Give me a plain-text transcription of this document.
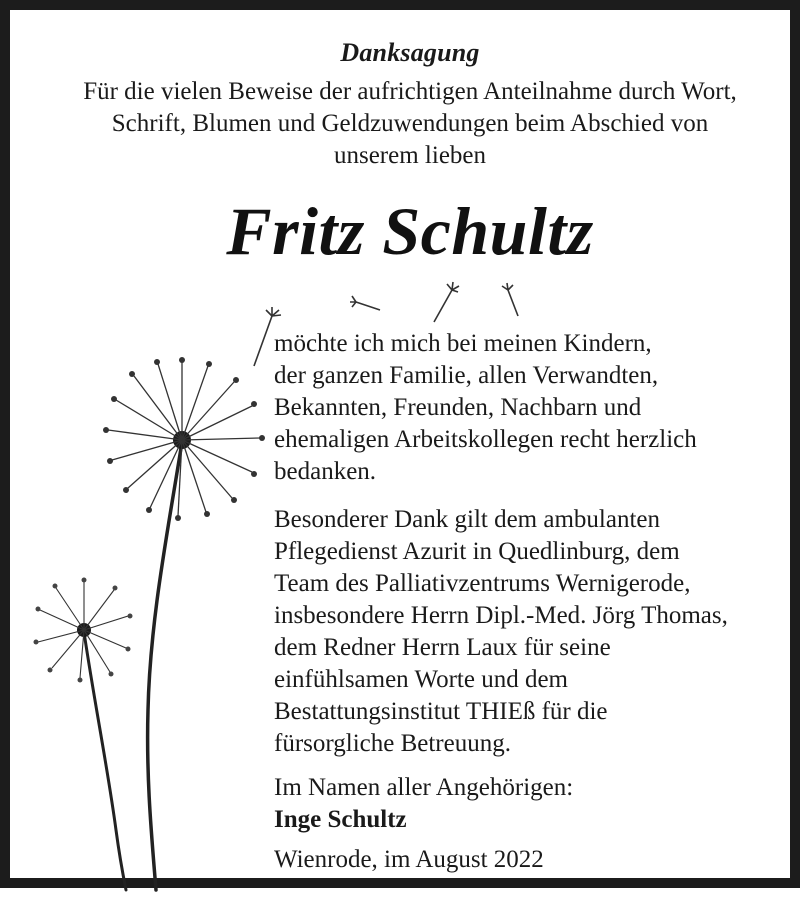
Danksagung
Für die vielen Beweise der aufrichtigen Anteilnahme durch Wort,
Schrift, Blumen und Geldzuwendungen beim Abschied von
unserem lieben
Fritz Schultz
möchte ich mich bei meinen Kindern,
der ganzen Familie, allen Verwandten,
Bekannten, Freunden, Nachbarn und
ehemaligen Arbeitskollegen recht herzlich
bedanken.
Besonderer Dank gilt dem ambulanten
Pflegedienst Azurit in Quedlinburg, dem
Team des Palliativzentrums Wernigerode,
insbesondere Herrn Dipl.-Med. Jörg Thomas,
dem Redner Herrn Laux für seine
einfühlsamen Worte und dem
Bestattungsinstitut THIEß für die
fürsorgliche Betreuung.
Im Namen aller Angehörigen:
Inge Schultz
Wienrode, im August 2022
